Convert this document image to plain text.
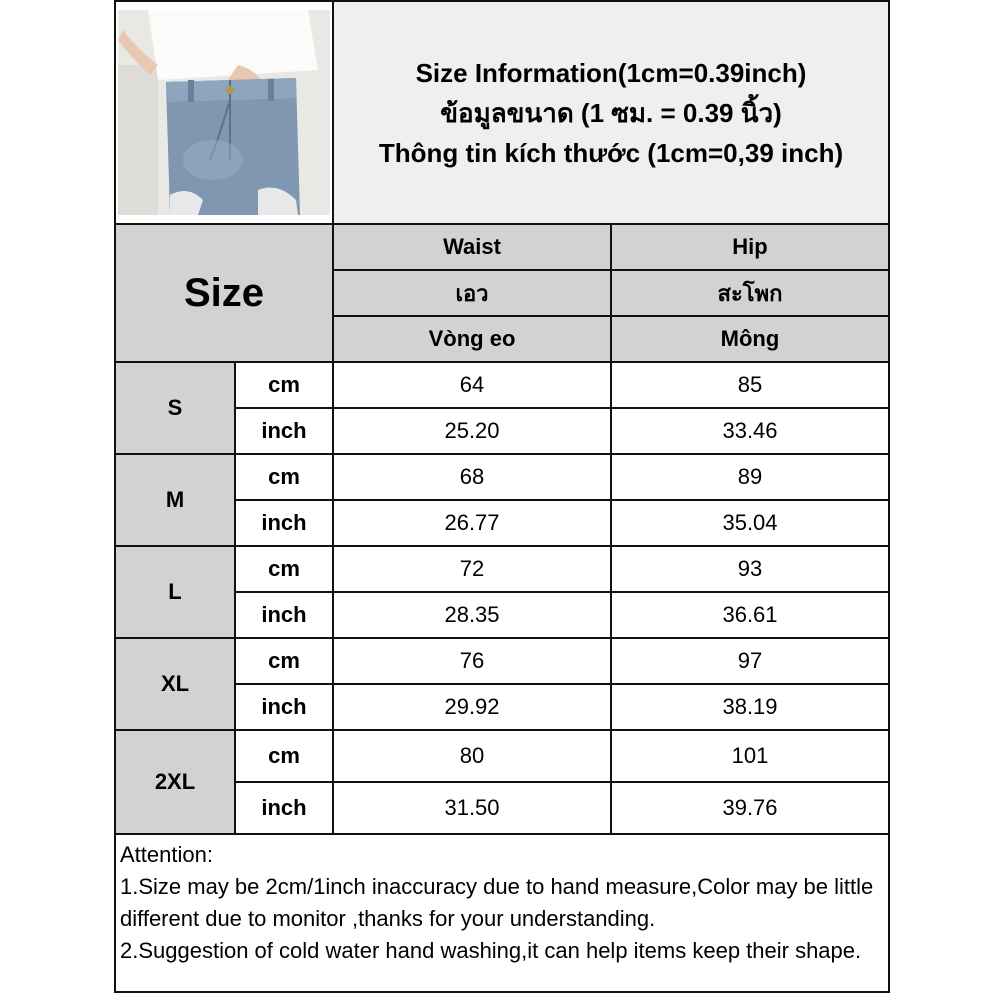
Size Information(1cm=0.39inch)
ข้อมูลขนาด (1 ซม. = 0.39 นิ้ว)
Thông tin kích thước (1cm=0,39 inch)	

Size		Waist	Hip
		เอว	สะโพก
		Vòng eo	Mông
S	cm	64	85
	inch	25.20	33.46
M	cm	68	89
	inch	26.77	35.04
L	cm	72	93
	inch	28.35	36.61
XL	cm	76	97
	inch	29.92	38.19
2XL	cm	80	101
	inch	31.50	39.76

Attention:
1.Size may be 2cm/1inch inaccuracy due to hand measure,Color may be little different due to monitor ,thanks for your understanding.
2.Suggestion of cold water hand washing,it can help items keep their shape.			
